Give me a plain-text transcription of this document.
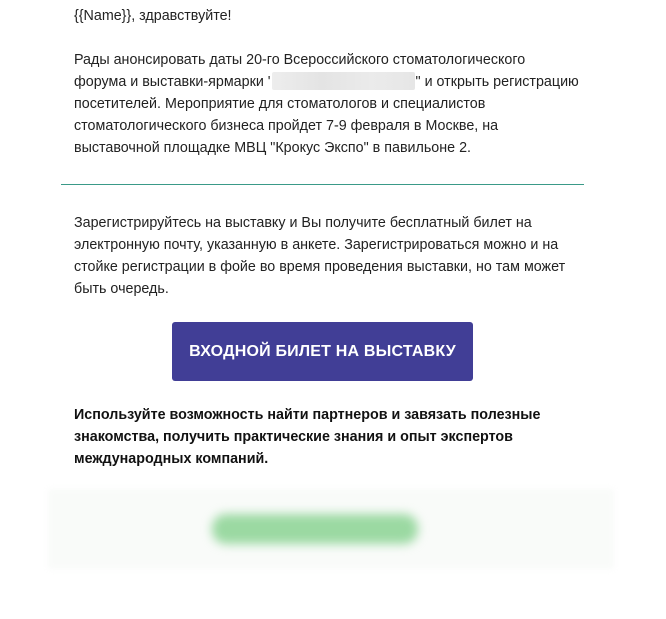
{{Name}}, здравствуйте!
Рады анонсировать даты 20-го Всероссийского стоматологического
форума и выставки-ярмарки '	" и открыть регистрацию
посетителей. Мероприятие для стоматологов и специалистов
стоматологического бизнеса пройдет 7-9 февраля в Москве, на
выставочной площадке МВЦ "Крокус Экспо" в павильоне 2.
Зарегистрируйтесь на выставку и Вы получите бесплатный билет на
электронную почту, указанную в анкете. Зарегистрироваться можно и на
стойке регистрации в фойе во время проведения выставки, но там может
быть очередь.
ВХОДНОЙ БИЛЕТ НА ВЫСТАВКУ
Используйте возможность найти партнеров и завязать полезные
знакомства, получить практические знания и опыт экспертов
международных компаний.
